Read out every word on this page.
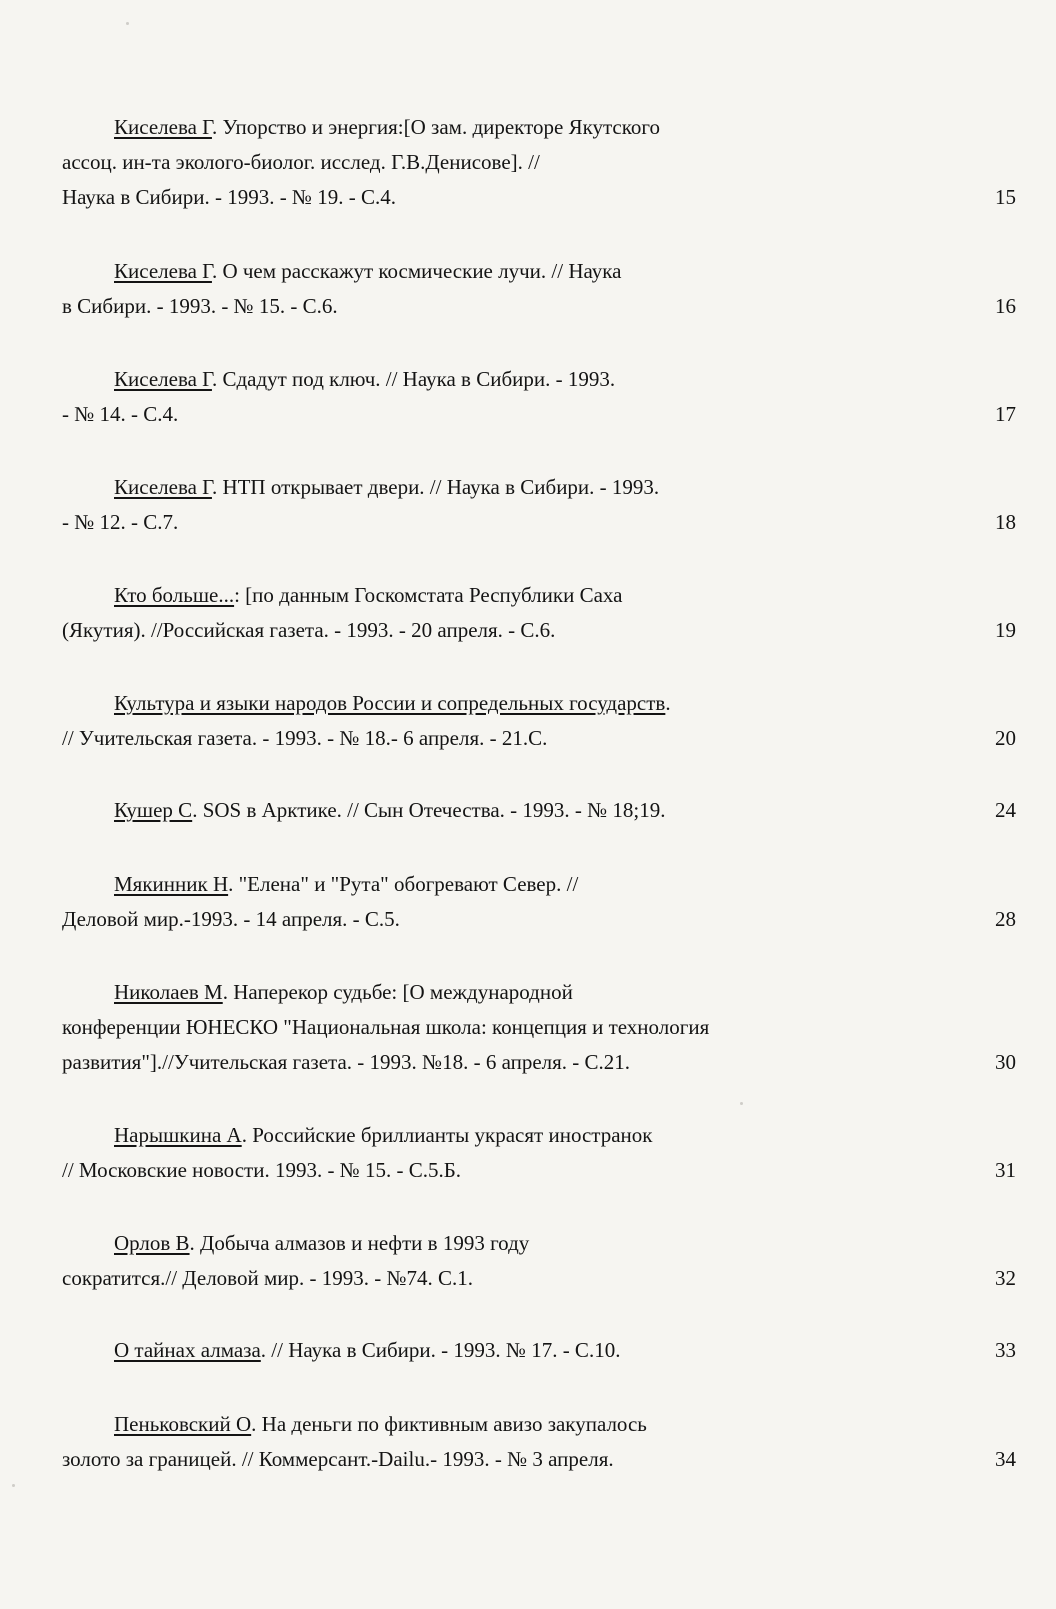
Киселева Г. Упорство и энергия:[О зам. директоре Якутского
ассоц. ин-та эколого-биолог. исслед. Г.В.Денисове]. //
Наука в Сибири. - 1993. - № 19. - С.4.	15
Киселева Г. О чем расскажут космические лучи. // Наука
в Сибири. - 1993. - № 15. - С.6.	16
Киселева Г. Сдадут под ключ. // Наука в Сибири. - 1993.
- № 14. - С.4.	17
Киселева Г. НТП открывает двери. // Наука в Сибири. - 1993.
- № 12. - С.7.	18
Кто больше...: [по данным Госкомстата Республики Саха
(Якутия). //Российская газета. - 1993. - 20 апреля. - С.6.	19
Культура и языки народов России и сопредельных государств.
// Учительская газета. - 1993. - № 18.- 6 апреля. - 21.С.	20
Кушер С. SOS в Арктике. // Сын Отечества. - 1993. - № 18;19.	24
Мякинник Н. "Елена" и "Рута" обогревают Север. //
Деловой мир.-1993. - 14 апреля. - С.5.	28
Николаев М. Наперекор судьбе: [О международной
конференции ЮНЕСКО "Национальная школа: концепция и технология
развития"].//Учительская газета. - 1993. №18. - 6 апреля. - С.21.	30
Нарышкина А. Российские бриллианты украсят иностранок
// Московские новости. 1993. - № 15. - С.5.Б.	31
Орлов В. Добыча алмазов и нефти в 1993 году
сократится.// Деловой мир. - 1993. - №74. С.1.	32
О тайнах алмаза. // Наука в Сибири. - 1993. № 17. - С.10.	33
Пеньковский О. На деньги по фиктивным авизо закупалось
золото за границей. // Коммерсант.-Dailu.- 1993. - № 3 апреля.	34
